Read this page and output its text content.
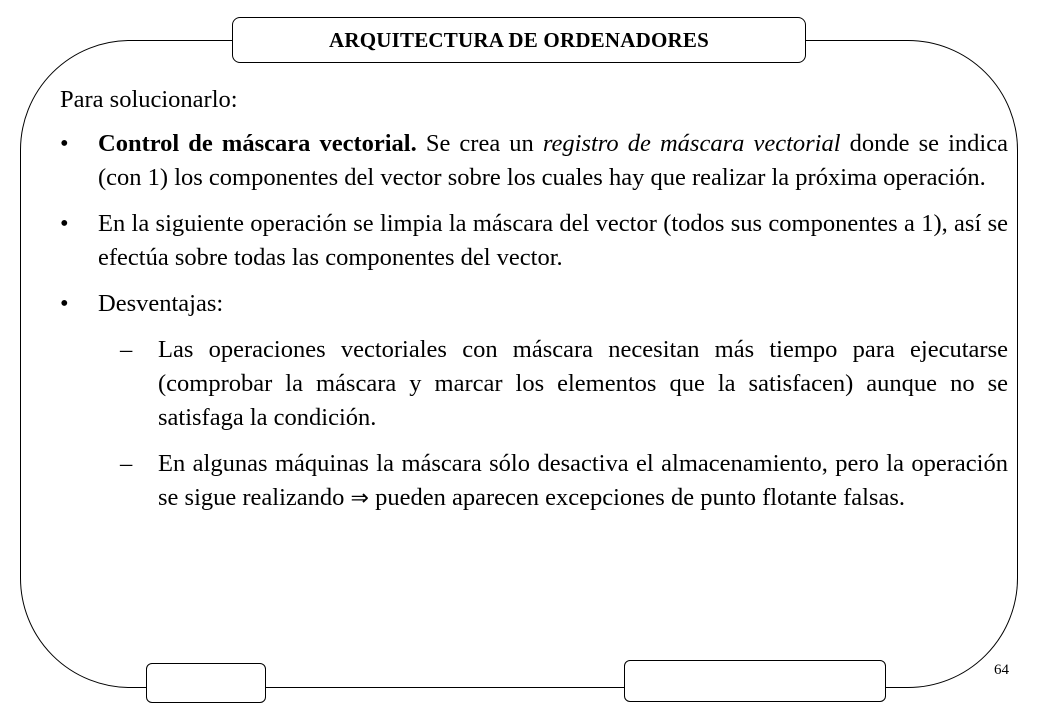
ARQUITECTURA DE ORDENADORES
64

Para solucionarlo:

• Control de máscara vectorial. Se crea un registro de máscara vectorial donde se indica (con 1) los componentes del vector sobre los cuales hay que realizar la próxima operación.

• En la siguiente operación se limpia la máscara del vector (todos sus componentes a 1), así se efectúa sobre todas las componentes del vector.

• Desventajas:

– Las operaciones vectoriales con máscara necesitan más tiempo para ejecutarse (comprobar la máscara y marcar los elementos que la satisfacen) aunque no se satisfaga la condición.

– En algunas máquinas la máscara sólo desactiva el almacenamiento, pero la operación se sigue realizando ⇒ pueden aparecen excepciones de punto flotante falsas.
